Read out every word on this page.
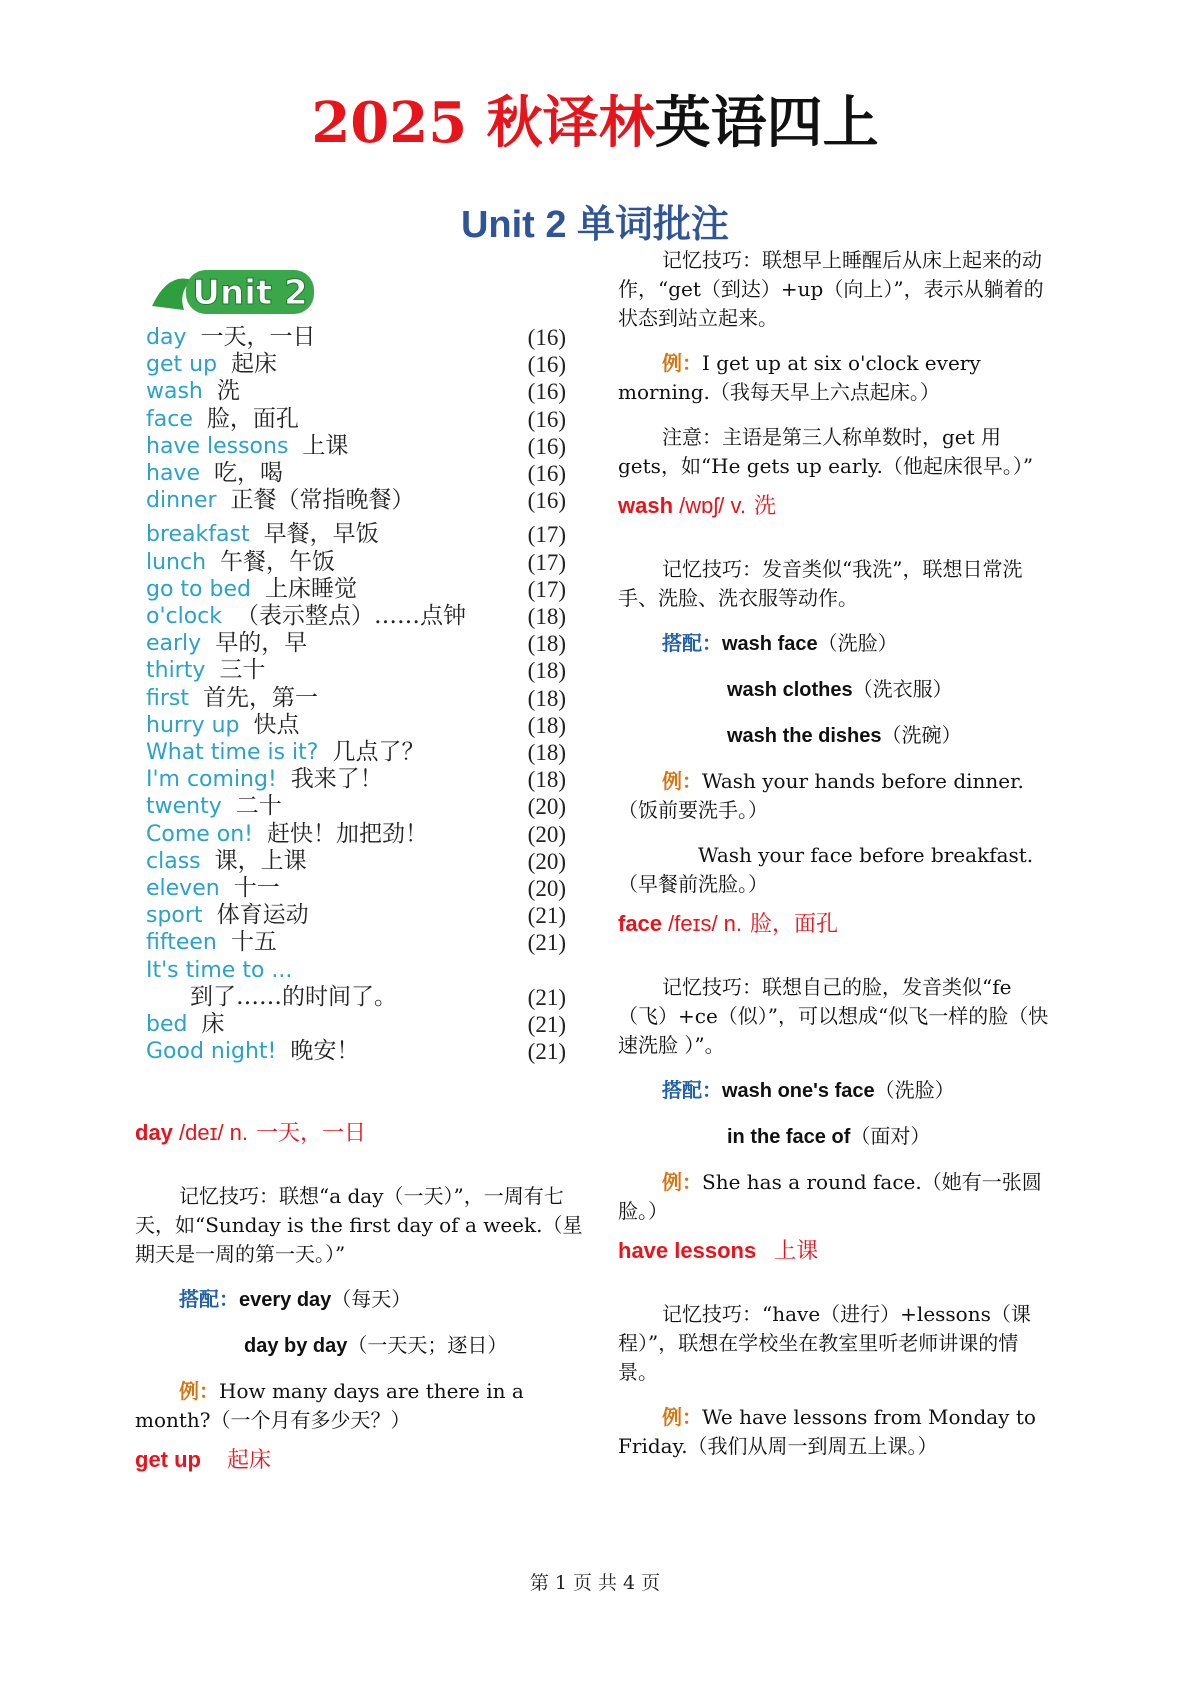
2025 秋译林英语四上
Unit 2 单词批注
Unit 2
day 一天，一日	(16)
get up 起床	(16)
wash 洗	(16)
face 脸，面孔	(16)
have lessons 上课	(16)
have 吃，喝	(16)
dinner 正餐（常指晚餐）	(16)
breakfast 早餐，早饭	(17)
lunch 午餐，午饭	(17)
go to bed 上床睡觉	(17)
o'clock （表示整点）……点钟	(18)
early 早的，早	(18)
thirty 三十	(18)
first 首先，第一	(18)
hurry up 快点	(18)
What time is it? 几点了？	(18)
I'm coming! 我来了！	(18)
twenty 二十	(20)
Come on! 赶快！加把劲！	(20)
class 课，上课	(20)
eleven 十一	(20)
sport 体育运动	(21)
fifteen 十五	(21)
It's time to ...
到了……的时间了。	(21)
bed 床	(21)
Good night! 晚安！	(21)

day /deɪ/ n. 一天，一日

记忆技巧：联想“a day（一天）”，一周有七天，如“Sunday is the first day of a week.（星期天是一周的第一天。）”

搭配：every day（每天）

day by day（一天天；逐日）

例：How many days are there in a month?（一个月有多少天？）

get up 起床

记忆技巧：联想早上睡醒后从床上起来的动作，“get（到达）+up（向上）”，表示从躺着的状态到站立起来。

例：I get up at six o'clock every morning.（我每天早上六点起床。）

注意：主语是第三人称单数时，get 用 gets，如“He gets up early.（他起床很早。）”

wash /wɒʃ/ v. 洗

记忆技巧：发音类似“我洗”，联想日常洗手、洗脸、洗衣服等动作。

搭配：wash face（洗脸）

wash clothes（洗衣服）

wash the dishes（洗碗）

例：Wash your hands before dinner.（饭前要洗手。）

Wash your face before breakfast.（早餐前洗脸。）

face /feɪs/ n. 脸，面孔

记忆技巧：联想自己的脸，发音类似“fe（飞）+ce（似）”，可以想成“似飞一样的脸（快速洗脸 ）”。

搭配：wash one's face（洗脸）

in the face of（面对）

例：She has a round face.（她有一张圆脸。）

have lessons 上课

记忆技巧：“have（进行）+lessons（课程）”，联想在学校坐在教室里听老师讲课的情景。

例：We have lessons from Monday to Friday.（我们从周一到周五上课。）

第 1 页 共 4 页
